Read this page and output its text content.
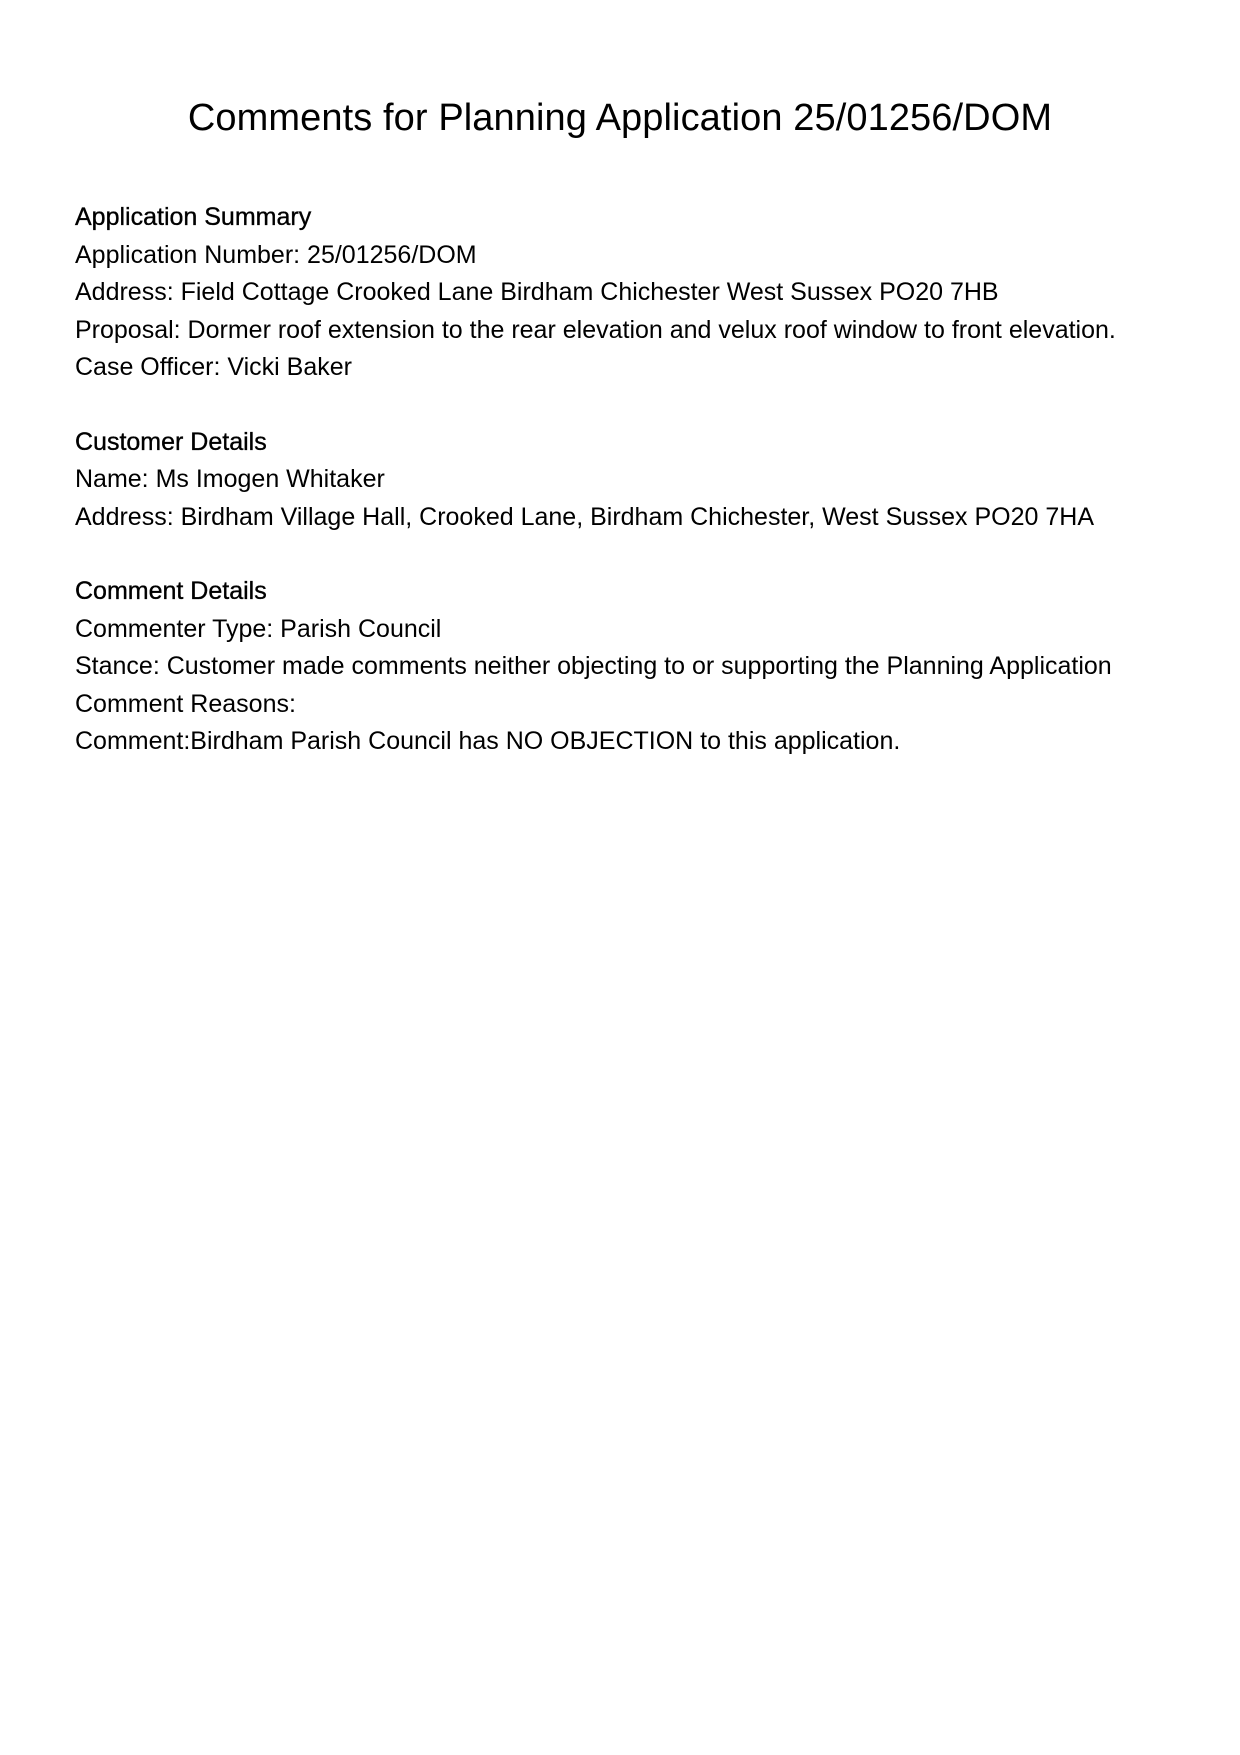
Comments for Planning Application 25/01256/DOM

Application Summary

Application Number: 25/01256/DOM

Address: Field Cottage Crooked Lane Birdham Chichester West Sussex PO20 7HB

Proposal: Dormer roof extension to the rear elevation and velux roof window to front elevation.

Case Officer: Vicki Baker

Customer Details

Name: Ms Imogen Whitaker

Address: Birdham Village Hall, Crooked Lane, Birdham Chichester, West Sussex PO20 7HA

Comment Details

Commenter Type: Parish Council

Stance: Customer made comments neither objecting to or supporting the Planning Application

Comment Reasons:

Comment:Birdham Parish Council has NO OBJECTION to this application.
